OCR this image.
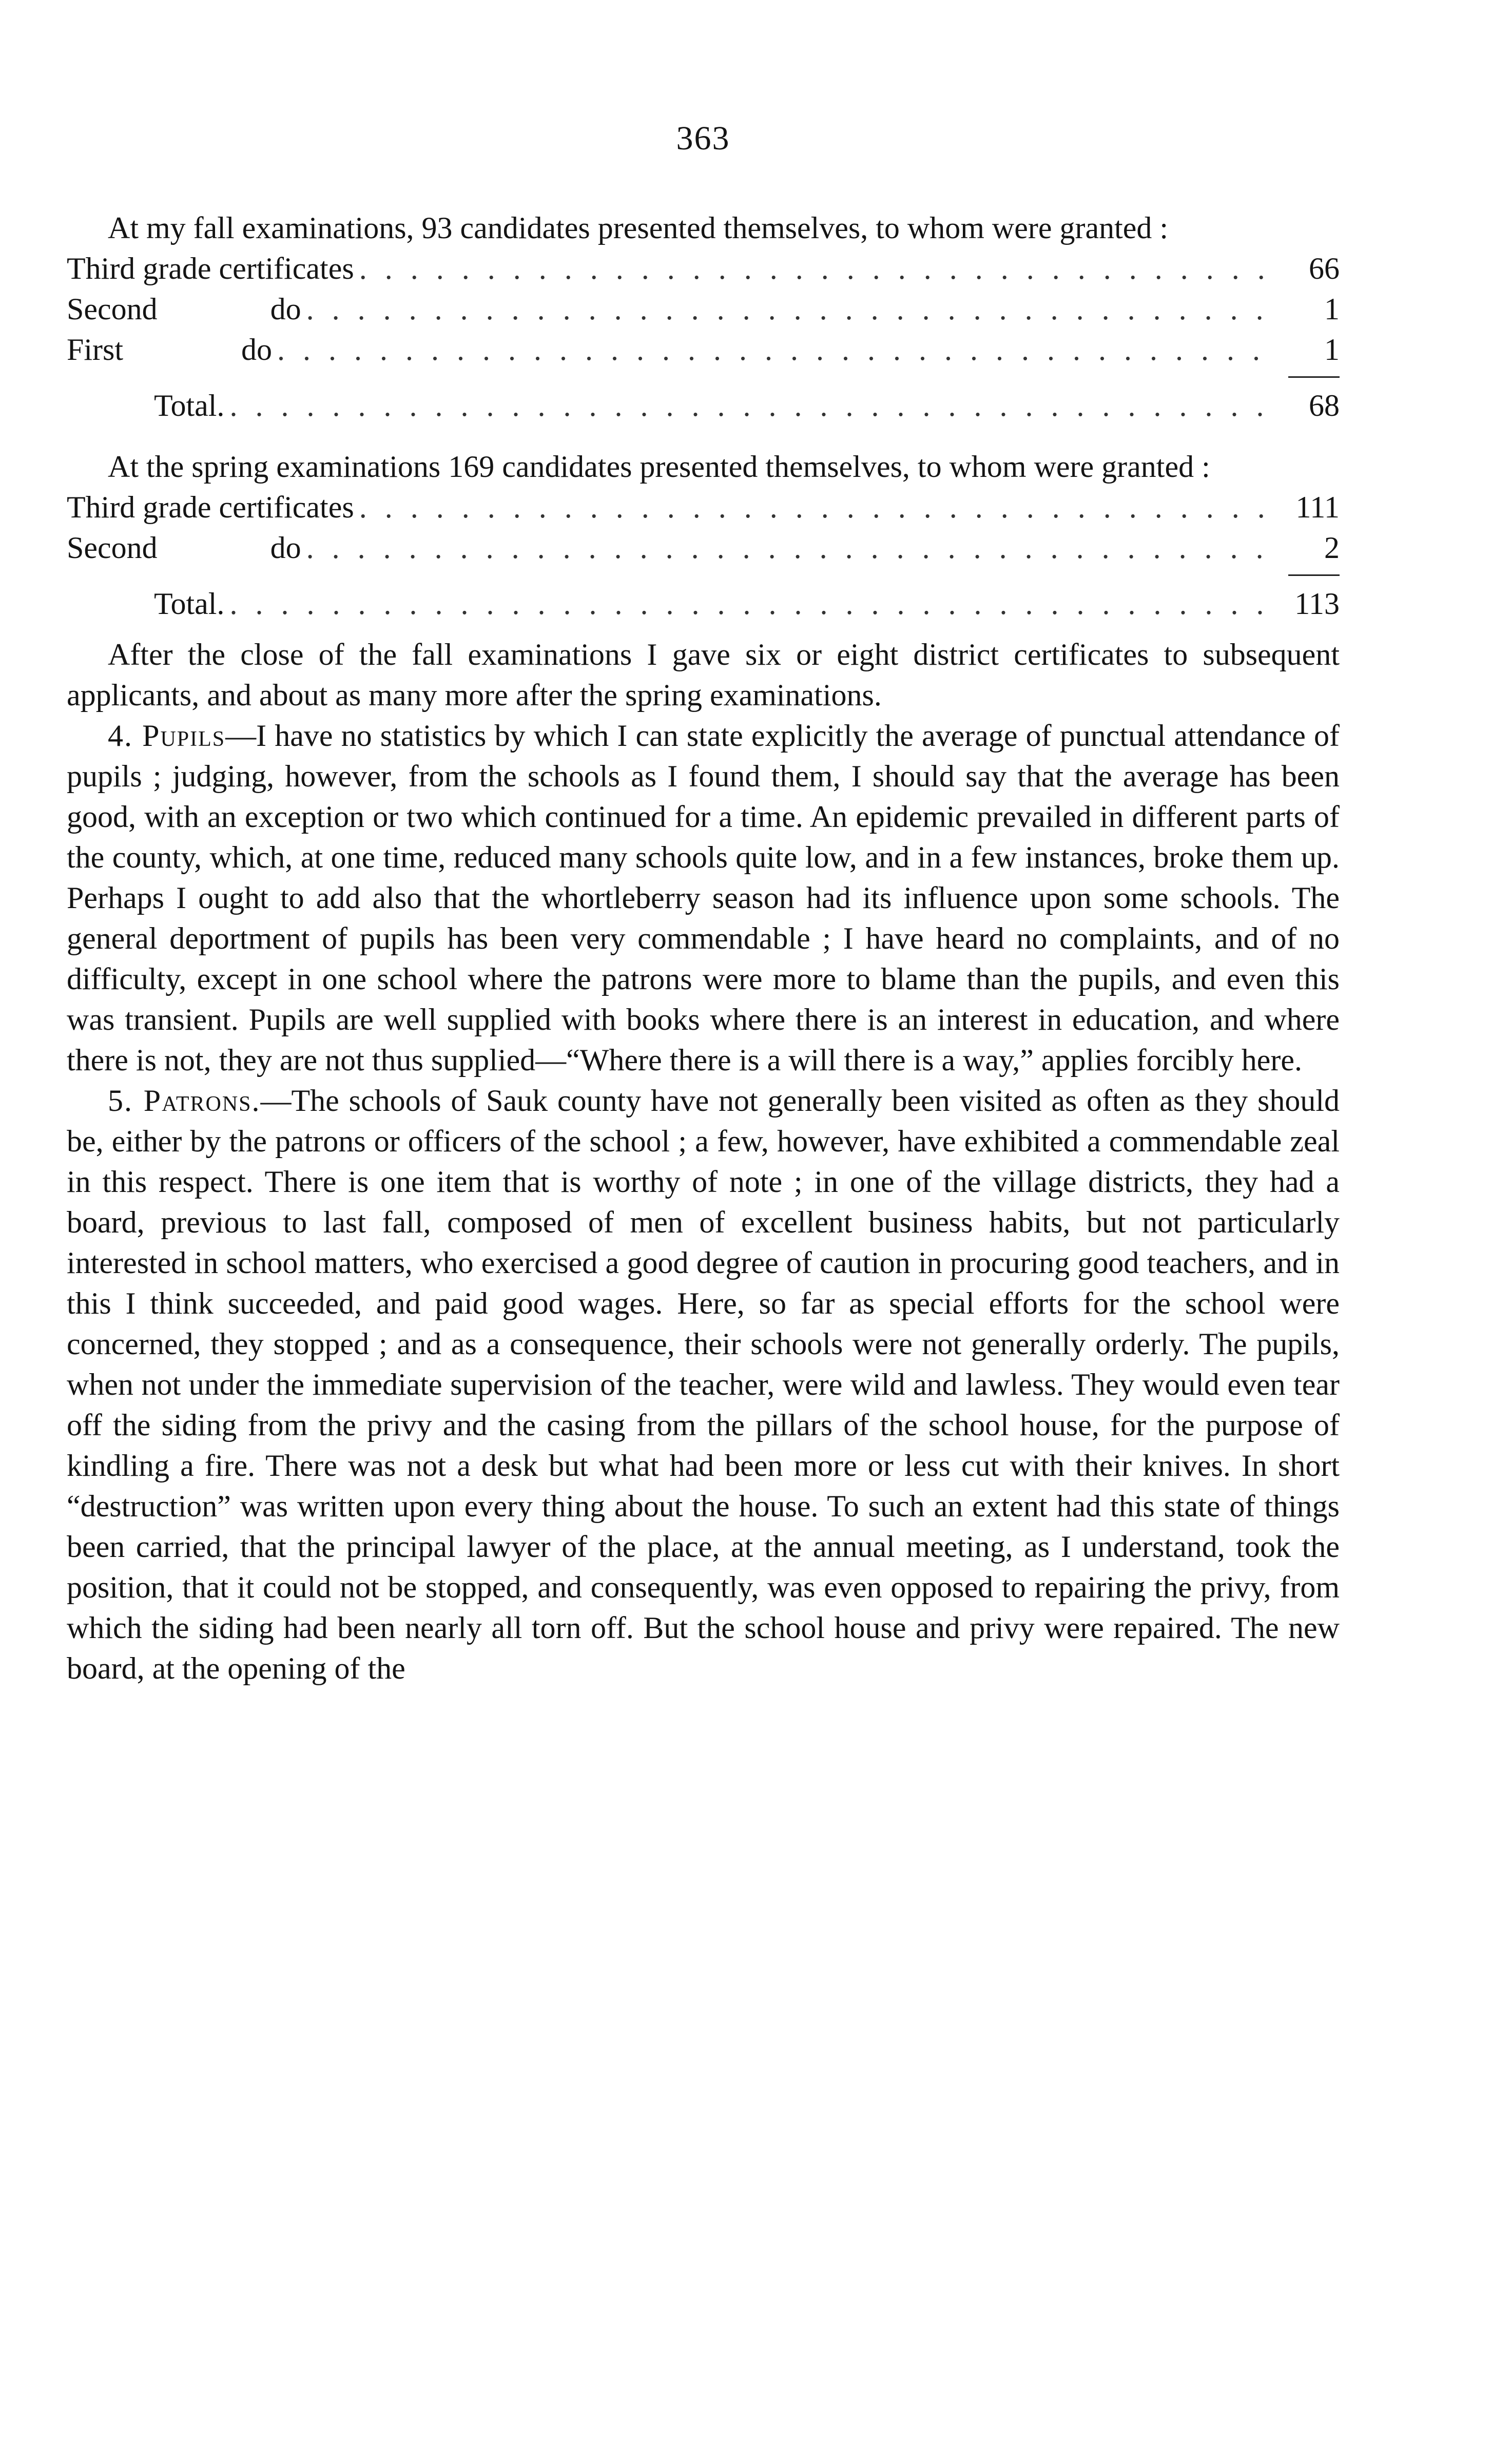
363

At my fall examinations, 93 candidates presented themselves, to whom were granted :

Third grade certificates . . .	66
Second	do . . .	1
First	do . . .	1
Total. . . .	68

At the spring examinations 169 candidates presented themselves, to whom were granted :

Third grade certificates . . .	111
Second	do . . .	2
Total. . . .	113

After the close of the fall examinations I gave six or eight district certificates to subsequent applicants, and about as many more after the spring examinations.

4. Pupils—I have no statistics by which I can state explicitly the average of punctual attendance of pupils ; judging, however, from the schools as I found them, I should say that the average has been good, with an exception or two which continued for a time. An epidemic prevailed in different parts of the county, which, at one time, reduced many schools quite low, and in a few instances, broke them up. Perhaps I ought to add also that the whortleberry season had its influence upon some schools. The general deportment of pupils has been very commendable ; I have heard no complaints, and of no difficulty, except in one school where the patrons were more to blame than the pupils, and even this was transient. Pupils are well supplied with books where there is an interest in education, and where there is not, they are not thus supplied—“Where there is a will there is a way,” applies forcibly here.

5. Patrons.—The schools of Sauk county have not generally been visited as often as they should be, either by the patrons or officers of the school ; a few, however, have exhibited a commendable zeal in this respect. There is one item that is worthy of note ; in one of the village districts, they had a board, previous to last fall, composed of men of excellent business habits, but not particularly interested in school matters, who exercised a good degree of caution in procuring good teachers, and in this I think succeeded, and paid good wages. Here, so far as special efforts for the school were concerned, they stopped ; and as a consequence, their schools were not generally orderly. The pupils, when not under the immediate supervision of the teacher, were wild and lawless. They would even tear off the siding from the privy and the casing from the pillars of the school house, for the purpose of kindling a fire. There was not a desk but what had been more or less cut with their knives. In short “destruction” was written upon every thing about the house. To such an extent had this state of things been carried, that the principal lawyer of the place, at the annual meeting, as I understand, took the position, that it could not be stopped, and consequently, was even opposed to repairing the privy, from which the siding had been nearly all torn off. But the school house and privy were repaired. The new board, at the opening of the
